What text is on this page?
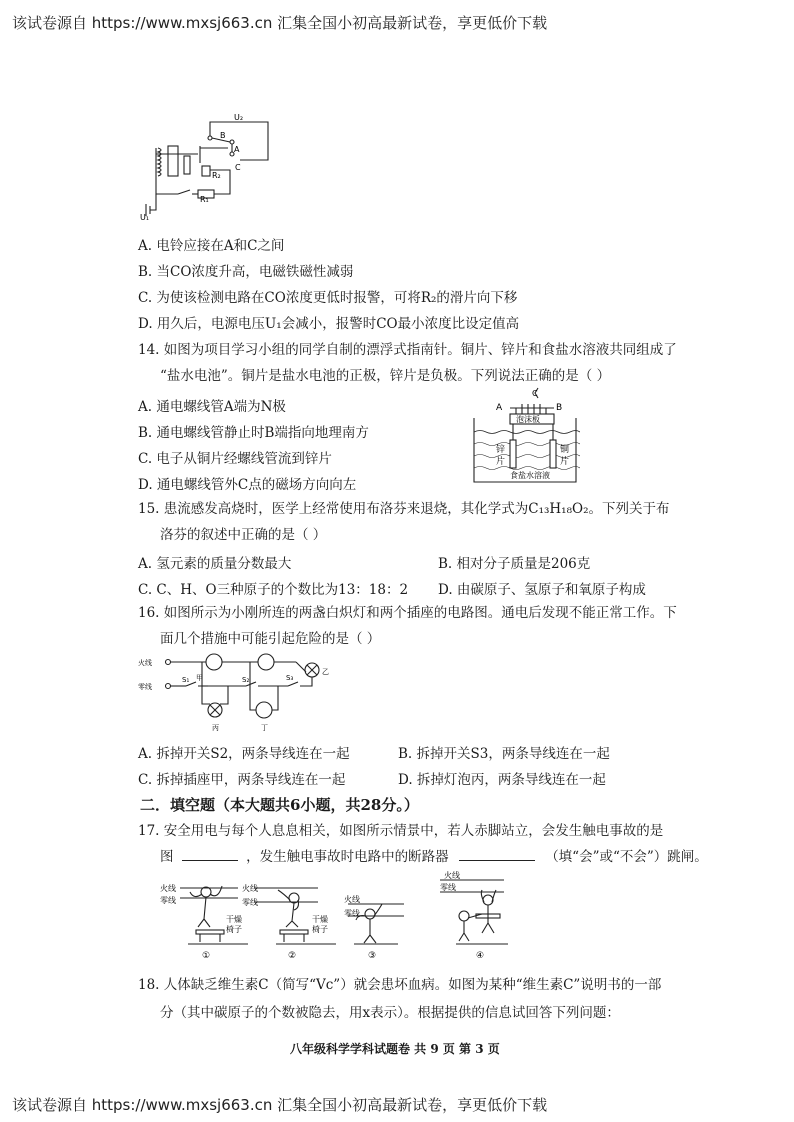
该试卷源自 https://www.mxsj663.cn 汇集全国小初高最新试卷，享更低价下载
U₂
A
C
B
R₁
R₂
U₁
A. 电铃应接在A和C之间
B. 当CO浓度升高，电磁铁磁性减弱
C. 为使该检测电路在CO浓度更低时报警，可将R₂的滑片向下移
D. 用久后，电源电压U₁会减小，报警时CO最小浓度比设定值高
14. 如图为项目学习小组的同学自制的漂浮式指南针。铜片、锌片和食盐水溶液共同组成了
“盐水电池”。铜片是盐水电池的正极，锌片是负极。下列说法正确的是（ ）
A. 通电螺线管A端为N极
B. 通电螺线管静止时B端指向地理南方
C. 电子从铜片经螺线管流到锌片
D. 通电螺线管外C点的磁场方向向左
A	B
C
泡沫板
锌
片
铜
片
食盐水溶液
15. 患流感发高烧时，医学上经常使用布洛芬来退烧，其化学式为C₁₃H₁₈O₂。下列关于布
洛芬的叙述中正确的是（ ）
A. 氢元素的质量分数最大	B. 相对分子质量是206克
C. C、H、O三种原子的个数比为13：18：2 D. 由碳原子、氢原子和氧原子构成
16. 如图所示为小刚所连的两盏白炽灯和两个插座的电路图。通电后发现不能正常工作。下
面几个措施中可能引起危险的是（ ）
火线
零线
S₁	S₂	S₃
甲
乙
丙	丁
A. 拆掉开关S2，两条导线连在一起	B. 拆掉开关S3，两条导线连在一起
C. 拆掉插座甲，两条导线连在一起	D. 拆掉灯泡丙，两条导线连在一起
二．填空题（本大题共6小题，共28分。）
17. 安全用电与每个人息息相关，如图所示情景中，若人赤脚站立，会发生触电事故的是
图	，发生触电事故时电路中的断路器	（填“会”或“不会”）跳闸。
火线
零线
干燥
椅子
①
火线
零线
干燥
椅子
②
火线
零线
③
火线
零线
④
18. 人体缺乏维生素C（简写“Vc”）就会患坏血病。如图为某种“维生素C”说明书的一部
分（其中碳原子的个数被隐去，用x表示）。根据提供的信息试回答下列问题：
八年级科学学科试题卷 共 9 页 第 3 页
该试卷源自 https://www.mxsj663.cn 汇集全国小初高最新试卷，享更低价下载
